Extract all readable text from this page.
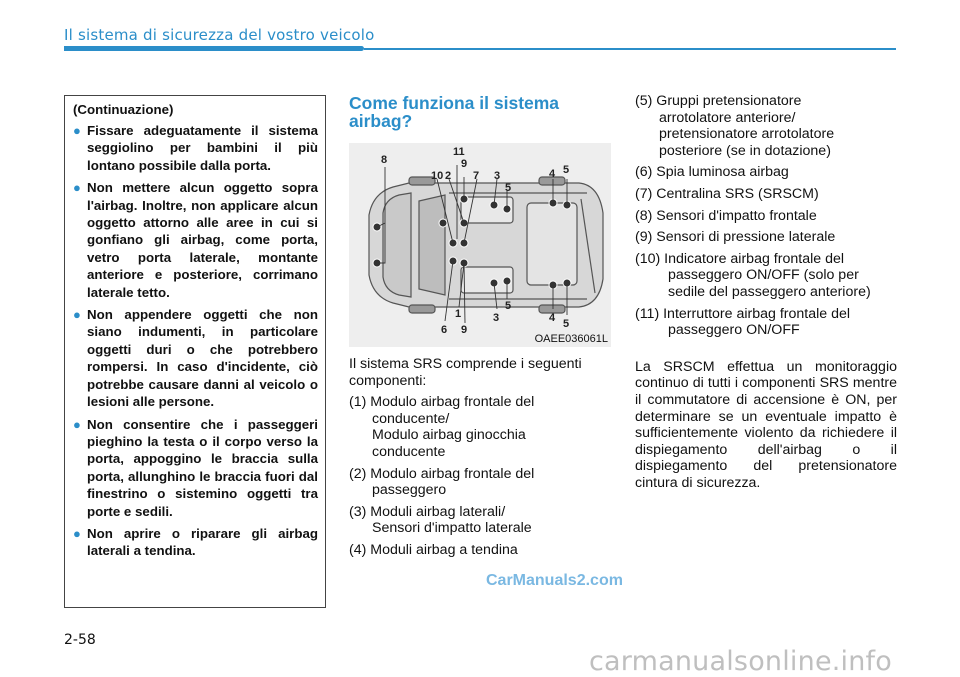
Il sistema di sicurezza del vostro veicolo
(Continuazione)
● Fissare adeguatamente il sistema seggiolino per bambini il più lontano possibile dalla porta.
● Non mettere alcun oggetto sopra l'airbag. Inoltre, non applicare alcun oggetto attorno alle aree in cui si gonfiano gli airbag, come porta, vetro porta laterale, montante anteriore e posteriore, corrimano laterale tetto.
● Non appendere oggetti che non siano indumenti, in particolare oggetti duri o che potrebbero rompersi. In caso d'incidente, ciò potrebbe causare danni al veicolo o lesioni alle persone.
● Non consentire che i passeggeri pieghino la testa o il corpo verso la porta, appoggino le braccia sulla porta, allunghino le braccia fuori dal finestrino o sistemino oggetti tra porte e sedili.
● Non aprire o riparare gli airbag laterali a tendina.
Come funziona il sistema airbag?
8
11
9
10 2 7 3
5
4 5
6
1
9
3
5
4 5
OAEE036061L
Il sistema SRS comprende i seguenti componenti:
(1) Modulo airbag frontale del
conducente/
Modulo airbag ginocchia
conducente
(2) Modulo airbag frontale del
passeggero
(3) Moduli airbag laterali/
Sensori d'impatto laterale
(4) Moduli airbag a tendina
(5) Gruppi pretensionatore
arrotolatore anteriore/
pretensionatore arrotolatore
posteriore (se in dotazione)
(6) Spia luminosa airbag
(7) Centralina SRS (SRSCM)
(8) Sensori d'impatto frontale
(9) Sensori di pressione laterale
(10) Indicatore airbag frontale del
passeggero ON/OFF (solo per
sedile del passeggero anteriore)
(11) Interruttore airbag frontale del
passeggero ON/OFF
La SRSCM effettua un monitoraggio continuo di tutti i componenti SRS mentre il commutatore di accensione è ON, per determinare se un eventuale impatto è sufficientemente violento da richiedere il dispiegamento dell'airbag o il dispiegamento del pretensionatore cintura di sicurezza.
CarManuals2.com
2-58
carmanualsonline.info
